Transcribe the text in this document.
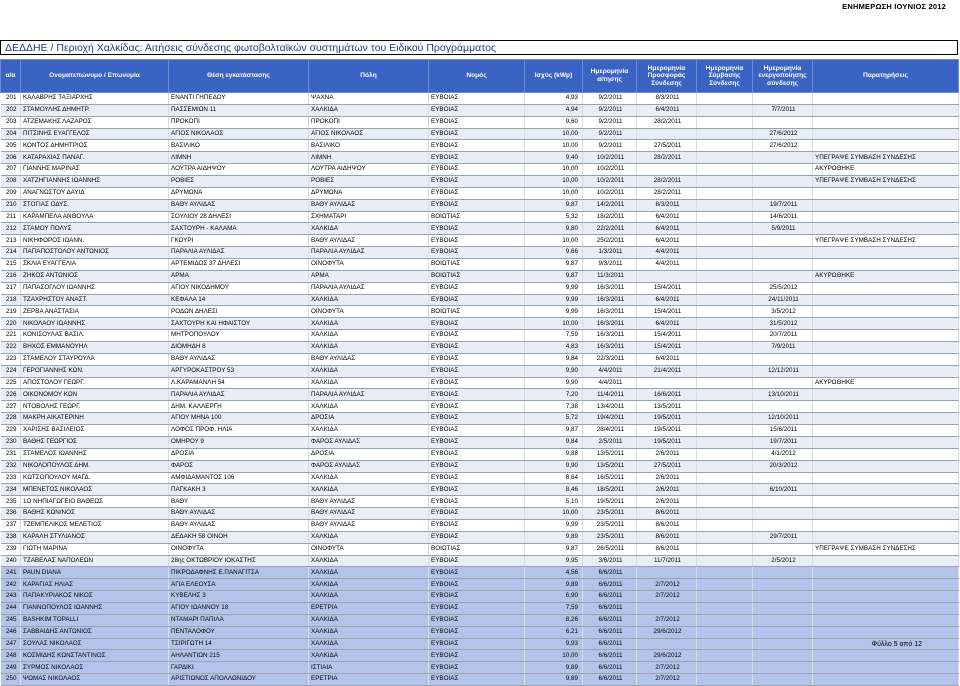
ΕΝΗΜΕΡΩΣΗ ΙΟΥΝΙΟΣ 2012
ΔΕΔΔΗΕ / Περιοχή Χαλκίδας: Αιτήσεις σύνδεσης φωτοβολταϊκών συστημάτων του Ειδικού Προγράμματος
α/α	Ονοματεπώνυμο / Επωνυμία	Θέση εγκατάστασης	Πόλη	Νομός	Ισχύς (kWp)	Ημερομηνία αίτησης	Ημερομηνία Προσφοράς Σύνδεσης	Ημερομηνία Σύμβασης Σύνδεσης	Ημερομηνία ενεργοποίησης σύνδεσης	Παρατηρήσεις
201	ΚΑΛΑΒΡΗΣ ΤΑΞΙΑΡΧΗΣ	ΕΝΑΝΤΙ ΓΗΠΕΔΟΥ	ΨΑΧΝΑ	ΕΥΒΟΙΑΣ	4,93	9/2/2011	8/3/2011			
202	ΣΤΑΜΟΥΛΗΣ ΔΗΜΗΤΡ.	ΠΑΣΣΕΜΙΩΝ 11	ΧΑΛΚΙΔΑ	ΕΥΒΟΙΑΣ	4,94	9/2/2011	6/4/2011		7/7/2011	
203	ΑΤΖΕΜΑΚΗΣ ΛΑΖΑΡΟΣ	ΠΡΟΚΟΠΙ	ΠΡΟΚΟΠΙ	ΕΥΒΟΙΑΣ	9,60	9/2/2011	28/2/2011			
204	ΠΙΤΣΙΝΗΣ ΕΥΑΓΓΕΛΟΣ	ΑΓΙΟΣ ΝΙΚΟΛΑΟΣ	ΑΓΙΟΣ ΝΙΚΟΛΑΟΣ	ΕΥΒΟΙΑΣ	10,00	9/2/2011			27/6/2012	
205	ΚΟΝΤΟΣ ΔΗΜΗΤΡΙΟΣ	ΒΑΣΙΛΙΚΟ	ΒΑΣΙΛΙΚΟ	ΕΥΒΟΙΑΣ	10,00	9/2/2011	27/5/2011		27/6/2012	
206	ΚΑΤΑΡΑΧΙΑΣ ΠΑΝΑΓ.	ΛΙΜΝΗ	ΛΙΜΝΗ	ΕΥΒΟΙΑΣ	9,40	10/2/2011	28/2/2011			ΥΠΕΓΡΑΨΕ ΣΥΜΒΑΣΗ ΣΥΝΔΕΣΗΣ
207	ΓΙΑΝΝΗΣ ΜΑΡΙΝΑΣ	ΛΟΥΤΡΑ ΑΙΔΗΨΟΥ	ΛΟΥΤΡΑ ΑΙΔΗΨΟΥ	ΕΥΒΟΙΑΣ	10,00	10/2/2011				ΑΚΥΡΩΘΗΚΕ
208	ΧΑΤΖΗΓΙΑΝΝΗΣ ΙΩΑΝΝΗΣ	ΡΟΒΙΕΣ	ΡΟΒΙΕΣ	ΕΥΒΟΙΑΣ	10,00	10/2/2011	28/2/2011			ΥΠΕΓΡΑΨΕ ΣΥΜΒΑΣΗ ΣΥΝΔΕΣΗΣ
209	ΑΝΑΓΝΩΣΤΟΥ ΔΑΥΙΔ	ΔΡΥΜΩΝΑ	ΔΡΥΜΩΝΑ	ΕΥΒΟΙΑΣ	10,00	10/2/2011	28/2/2011			
210	ΣΤΟΓΙΑΣ ΟΔΥΣ.	ΒΑΘΥ ΑΥΛΙΔΑΣ	ΒΑΘΥ ΑΥΛΙΔΑΣ	ΕΥΒΟΙΑΣ	9,87	14/2/2011	8/3/2011		19/7/2011	
211	ΚΑΡΑΜΠΕΛΑ ΑΝΘΟΥΛΑ	ΣΟΥΛΙΟΥ 28 ΔΗΛΕΣΙ	ΣΧΗΜΑΤΑΡΙ	ΒΟΙΩΤΙΑΣ	5,32	18/2/2011	6/4/2011		14/6/2011	
212	ΣΤΑΜΟΥ ΠΟΛΥΣ	ΣΑΧΤΟΥΡΗ - ΚΑΛΑΜΑ	ΧΑΛΚΙΔΑ	ΕΥΒΟΙΑΣ	9,80	22/2/2011	6/4/2011		5/9/2011	
213	ΝΙΚΗΦΟΡΟΣ ΙΩΑΝΝ.	ΓΚΟΥΡΙ	ΒΑΘΥ ΑΥΛΙΔΑΣ	ΕΥΒΟΙΑΣ	10,00	25/2/2011	6/4/2011			ΥΠΕΓΡΑΨΕ ΣΥΜΒΑΣΗ ΣΥΝΔΕΣΗΣ
214	ΠΑΠΑΠΟΣΤΟΛΟΥ ΑΝΤΩΝΙΟΣ	ΠΑΡΑΛΙΑ ΑΥΛΙΔΑΣ	ΠΑΡΑΛΙΑ ΑΥΛΙΔΑΣ	ΕΥΒΟΙΑΣ	9,66	1/3/2011	4/4/2011			
215	ΣΚΛΙΑ ΕΥΑΓΓΕΛΙΑ	ΑΡΤΕΜΙΔΟΣ 37 ΔΗΛΕΣΙ	ΟΙΝΟΦΥΤΑ	ΒΟΙΩΤΙΑΣ	9,87	9/3/2011	4/4/2011			
216	ΖΗΚΟΣ ΑΝΤΩΝΙΟΣ	ΑΡΜΑ	ΑΡΜΑ	ΒΟΙΩΤΙΑΣ	9,87	11/3/2011				ΑΚΥΡΩΘΗΚΕ
217	ΠΑΠΑΣΟΓΛΟΥ ΙΩΑΝΝΗΣ	ΑΓΙΟΥ ΝΙΚΟΔΗΜΟΥ	ΠΑΡΑΛΙΑ ΑΥΛΙΔΑΣ	ΕΥΒΟΙΑΣ	9,99	16/3/2011	15/4/2011		25/5/2012	
218	ΤΖΑΧΡΗΣΤΟΥ ΑΝΑΣΤ.	ΚΕΦΑΛΑ 14	ΧΑΛΚΙΔΑ	ΕΥΒΟΙΑΣ	9,99	16/3/2011	6/4/2011		24/11/2011	
219	ΖΕΡΒΑ ΑΝΑΣΤΑΣΙΑ	ΡΟΔΩΝ ΔΗΛΕΣΙ	ΟΙΝΟΦΥΤΑ	ΒΟΙΩΤΙΑΣ	9,99	16/3/2011	15/4/2011		3/5/2012	
220	ΝΙΚΟΛΑΟΥ ΙΩΑΝΝΗΣ	ΣΑΧΤΟΥΡΗ ΚΑΙ ΗΦΑΙΣΤΟΥ	ΧΑΛΚΙΔΑ	ΕΥΒΟΙΑΣ	10,00	16/3/2011	6/4/2011		31/5/2012	
221	ΚΟΝΙΣΟΥΛΑΣ ΒΑΣΙΛ.	ΜΗΤΡΟΠΟΥΛΟΥ	ΧΑΛΚΙΔΑ	ΕΥΒΟΙΑΣ	7,59	16/3/2011	15/4/2011		20/7/2011	
222	ΒΗΧΟΣ ΕΜΜΑΝΟΥΗΛ	ΔΙΟΜΗΔΗ 8	ΧΑΛΚΙΔΑ	ΕΥΒΟΙΑΣ	4,83	16/3/2011	15/4/2011		7/9/2011	
223	ΣΤΑΜΕΛΟΥ ΣΤΑΥΡΟΥΛΑ	ΒΑΘΥ ΑΥΛΙΔΑΣ	ΒΑΘΥ ΑΥΛΙΔΑΣ	ΕΥΒΟΙΑΣ	9,84	22/3/2011	6/4/2011			
224	ΓΕΡΟΓΙΑΝΝΗΣ ΚΩΝ.	ΑΡΓΥΡΟΚΑΣΤΡΟΥ 53	ΧΑΛΚΙΔΑ	ΕΥΒΟΙΑΣ	9,90	4/4/2011	21/4/2011		12/12/2011	
225	ΑΠΟΣΤΟΛΟΥ ΓΕΩΡΓ.	Λ.ΚΑΡΑΜΑΝΛΗ 54	ΧΑΛΚΙΔΑ	ΕΥΒΟΙΑΣ	9,90	4/4/2011				ΑΚΥΡΩΘΗΚΕ
226	ΟΙΚΟΝΟΜΟΥ ΚΩΝ	ΠΑΡΑΛΙΑ ΑΥΛΙΔΑΣ	ΠΑΡΑΛΙΑ ΑΥΛΙΔΑΣ	ΕΥΒΟΙΑΣ	7,20	11/4/2011	16/6/2011		13/10/2011	
227	ΝΤΟΒΟΛΗΣ ΓΕΩΡΓ.	ΔΗΜ. ΚΑΛΛΕΡΓΗ	ΧΑΛΚΙΔΑ	ΕΥΒΟΙΑΣ	7,38	13/4/2011	13/5/2011			
228	ΜΑΚΡΗ ΑΙΚΑΤΕΡΙΝΗ	ΑΓΙΟΥ ΜΗΝΑ 100	ΔΡΟΣΙΑ	ΕΥΒΟΙΑΣ	5,72	19/4/2011	19/5/2011		12/10/2011	
229	ΧΑΡΙΣΗΣ ΒΑΣΙΛΕΙΟΣ	ΛΟΦΟΣ ΠΡΟΦ. ΗΛΙΑ	ΧΑΛΚΙΔΑ	ΕΥΒΟΙΑΣ	9,87	28/4/2011	19/5/2011		15/6/2011	
230	ΒΑΘΗΣ ΓΕΩΡΓΙΟΣ	ΟΜΗΡΟΥ 9	ΦΑΡΟΣ ΑΥΛΙΔΑΣ	ΕΥΒΟΙΑΣ	9,84	2/5/2011	19/5/2011		19/7/2011	
231	ΣΤΑΜΕΛΟΣ ΙΩΑΝΝΗΣ	ΔΡΟΣΙΑ	ΔΡΟΣΙΑ	ΕΥΒΟΙΑΣ	9,88	13/5/2011	2/6/2011		4/1/2012	
232	ΝΙΚΟΛΟΠΟΥΛΟΣ ΔΗΜ.	ΦΑΡΟΣ	ΦΑΡΟΣ ΑΥΛΙΔΑΣ	ΕΥΒΟΙΑΣ	9,90	13/5/2011	27/5/2011		20/3/2012	
233	ΚΩΤΣΟΠΟΥΛΟΥ ΜΑΓΔ.	ΑΜΦΙΔΑΜΑΝΤΟΣ 106	ΧΑΛΚΙΔΑ	ΕΥΒΟΙΑΣ	8,64	16/5/2011	2/6/2011			
234	ΜΠΕΝΕΤΟΣ ΝΙΚΟΛΑΟΣ	ΠΑΓΚΑΚΗ 3	ΧΑΛΚΙΔΑ	ΕΥΒΟΙΑΣ	8,46	18/5/2011	2/6/2011		6/10/2011	
235	1Ο ΝΗΠΙΑΓΩΓΕΙΟ ΒΑΘΕΩΣ	ΒΑΘΥ	ΒΑΘΥ ΑΥΛΙΔΑΣ	ΕΥΒΟΙΑΣ	5,10	19/5/2011	2/6/2011			
236	ΒΑΘΗΣ ΚΩΝ/ΝΟΣ	ΒΑΘΥ ΑΥΛΙΔΑΣ	ΒΑΘΥ ΑΥΛΙΔΑΣ	ΕΥΒΟΙΑΣ	10,00	23/5/2011	8/6/2011			
237	ΤΖΕΜΠΕΛΙΚΟΣ ΜΕΛΕΤΙΟΣ	ΒΑΘΥ ΑΥΛΙΔΑΣ	ΒΑΘΥ ΑΥΛΙΔΑΣ	ΕΥΒΟΙΑΣ	9,99	23/5/2011	8/6/2011			
238	ΚΑΡΑΛΗ ΣΤΥΛΙΑΝΟΣ	ΔΕΔΑΚΗ 58 ΟΙΝΟΗ	ΧΑΛΚΙΔΑ	ΕΥΒΟΙΑΣ	9,89	23/5/2011	8/6/2011		29/7/2011	
239	ΓΙΩΤΗ ΜΑΡΙΝΑ	ΟΙΝΟΦΥΤΑ	ΟΙΝΟΦΥΤΑ	ΒΟΙΩΤΙΑΣ	9,87	26/5/2011	8/6/2011			ΥΠΕΓΡΑΨΕ ΣΥΜΒΑΣΗ ΣΥΝΔΕΣΗΣ
240	ΤΖΑΒΕΛΑΣ ΝΑΠΟΛΕΩΝ	28ης ΟΚΤΩΒΡΙΟΥ ΙΟΚΑΣΤΗΣ	ΧΑΛΚΙΔΑ	ΕΥΒΟΙΑΣ	9,95	3/6/2011	11/7/2011		2/5/2012	
241	PAUN DIANA	ΠΙΚΡΟΔΑΦΝΗΣ Ε.ΠΑΝΑΓΙΤΣΑ	ΧΑΛΚΙΔΑ	ΕΥΒΟΙΑΣ	4,56	6/6/2011				
242	ΚΑΡΑΓΙΑΣ ΗΛΙΑΣ	ΑΓΙΑ ΕΛΕΟΥΣΑ	ΧΑΛΚΙΔΑ	ΕΥΒΟΙΑΣ	9,89	6/6/2011	2/7/2012			
243	ΠΑΠΑΚΥΡΙΑΚΟΣ ΝΙΚΟΣ	ΚΥΒΕΛΗΣ 3	ΧΑΛΚΙΔΑ	ΕΥΒΟΙΑΣ	6,90	6/6/2011	2/7/2012			
244	ΓΙΑΝΝΟΠΟΥΛΟΣ ΙΩΑΝΝΗΣ	ΑΓΙΟΥ ΙΩΑΝΝΟΥ 18	ΕΡΕΤΡΙΑ	ΕΥΒΟΙΑΣ	7,59	6/6/2011				
245	BASHKIM TOPALLI	ΝΤΑΜΑΡΙ ΠΑΠΙΛΑ	ΧΑΛΚΙΔΑ	ΕΥΒΟΙΑΣ	8,26	6/6/2011	2/7/2012			
246	ΣΑΒΒΑΙΔΗΣ ΑΝΤΩΝΙΟΣ	ΠΕΝΤΑΛΟΦΟΥ	ΧΑΛΚΙΔΑ	ΕΥΒΟΙΑΣ	6,21	6/6/2011	29/6/2012			
247	ΣΟΥΛΑΣ ΝΙΚΟΛΑΟΣ	ΤΣΙΡΙΓΩΤΗ 14	ΧΑΛΚΙΔΑ	ΕΥΒΟΙΑΣ	9,93	6/6/2011				
248	ΚΟΣΜΙΔΗΣ ΚΩΝΣΤΑΝΤΙΝΟΣ	ΑΗΛΑΝΤΙΩΝ 215	ΧΑΛΚΙΔΑ	ΕΥΒΟΙΑΣ	10,00	6/6/2011	29/6/2012			
249	ΣΥΡΜΟΣ ΝΙΚΟΛΑΟΣ	ΓΑΡΔΙΚΙ	ΙΣΤΙΑΙΑ	ΕΥΒΟΙΑΣ	9,89	6/6/2011	2/7/2012			
250	ΨΩΜΑΣ ΝΙΚΟΛΑΟΣ	ΑΡΙΣΤΙΩΝΟΣ ΑΠΟΛΛΩΝΙΔΟΥ	ΕΡΕΤΡΙΑ	ΕΥΒΟΙΑΣ	9,89	6/6/2011	2/7/2012			
Φύλλο 5 από 12
